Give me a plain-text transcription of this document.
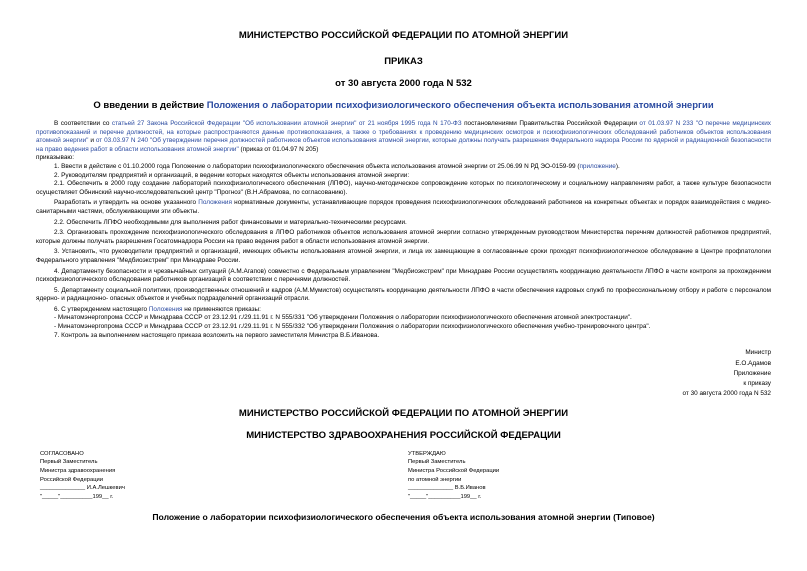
МИНИСТЕРСТВО РОССИЙСКОЙ ФЕДЕРАЦИИ ПО АТОМНОЙ ЭНЕРГИИ

ПРИКАЗ

от 30 августа 2000 года N 532

О введении в действие Положения о лаборатории психофизиологического обеспечения объекта использования атомной энергии

В соответствии со статьей 27 Закона Российской Федерации "Об использовании атомной энергии" от 21 ноября 1995 года N 170-ФЗ постановлениями Правительства Российской Федерации от 01.03.97 N 233 "О перечне медицинских противопоказаний и перечне должностей, на которые распространяются данные противопоказания, а также о требованиях к проведению медицинских осмотров и психофизиологических обследований работников объектов использования атомной энергии" и от 03.03.97 N 240 "Об утверждении перечня должностей работников объектов использования атомной энергии, которые должны получать разрешения Федерального надзора России по ядерной и радиационной безопасности на право ведения работ в области использования атомной энергии" (приказ от 01.04.97 N 205)

приказываю:

1. Ввести в действие с 01.10.2000 года Положение о лаборатории психофизиологического обеспечения объекта использования атомной энергии от 25.06.99 N РД ЭО-0159-99 (приложение).

2. Руководителям предприятий и организаций, в ведении которых находятся объекты использования атомной энергии:

2.1. Обеспечить в 2000 году создание лабораторий психофизиологического обеспечения (ЛПФО), научно-методическое сопровождение которых по психологическому и социальному направлениям работ, а также культуре безопасности осуществляет Обнинский научно-исследовательский центр "Прогноз" (В.Н.Абрамова, по согласованию).

Разработать и утвердить на основе указанного Положения нормативные документы, устанавливающие порядок проведения психофизиологических обследований работников на конкретных объектах и порядок взаимодействия с медико-санитарными частями, обслуживающими эти объекты.

2.2. Обеспечить ЛПФО необходимыми для выполнения работ финансовыми и материально-техническими ресурсами.

2.3. Организовать прохождение психофизиологического обследования в ЛПФО работников объектов использования атомной энергии согласно утвержденным руководством Министерства перечням должностей работников предприятий, которые должны получать разрешения Госатомнадзора России на право ведения работ в области использования атомной энергии.

3. Установить, что руководители предприятий и организаций, имеющих объекты использования атомной энергии, и лица их замещающие в согласованные сроки проходят психофизиологическое обследование в Центре профпатологии Федерального управления "Медбиоэкстрем" при Минздраве России.

4. Департаменту безопасности и чрезвычайных ситуаций (А.М.Агапов) совместно с Федеральным управлением "Медбиоэкстрем" при Минздраве России осуществлять координацию деятельности ЛПФО в части контроля за прохождением психофизиологического обследования работников организаций в соответствии с перечнями должностей.

5. Департаменту социальной политики, производственных отношений и кадров (А.М.Мумистов) осуществлять координацию деятельности ЛПФО в части обеспечения кадровых служб по профессиональному отбору и работе с персоналом ядерно- и радиационно- опасных объектов и учебных подразделений организаций отрасли.

6. С утверждением настоящего Положения не применяются приказы:

- Минатомэнергопрома СССР и Минздрава СССР от 23.12.91 г./29.11.91 г. N 555/331 "Об утверждении Положения о лаборатории психофизиологического обеспечения атомной электростанции".

- Минатомэнергопрома СССР и Минздрава СССР от 23.12.91 г./29.11.91 г. N 555/332 "Об утверждении Положения о лаборатории психофизиологического обеспечения учебно-тренировочного центра".

7. Контроль за выполнением настоящего приказа возложить на первого заместителя Министра В.Б.Иванова.

Министр
Е.О.Адамов
Приложение
к приказу
от 30 августа 2000 года N 532

МИНИСТЕРСТВО РОССИЙСКОЙ ФЕДЕРАЦИИ ПО АТОМНОЙ ЭНЕРГИИ

МИНИСТЕРСТВО ЗДРАВООХРАНЕНИЯ РОССИЙСКОЙ ФЕДЕРАЦИИ

СОГЛАСОВАНО
Первый Заместитель
Министра здравоохранения
Российской Федерации
______________ И.А.Лешкевич
"_____"__________199__ г.
УТВЕРЖДАЮ
Первый Заместитель
Министра Российской Федерации
по атомной энергии
______________ В.Б.Иванов
"_____"__________199__ г.

Положение о лаборатории психофизиологического обеспечения объекта использования атомной энергии (Типовое)
